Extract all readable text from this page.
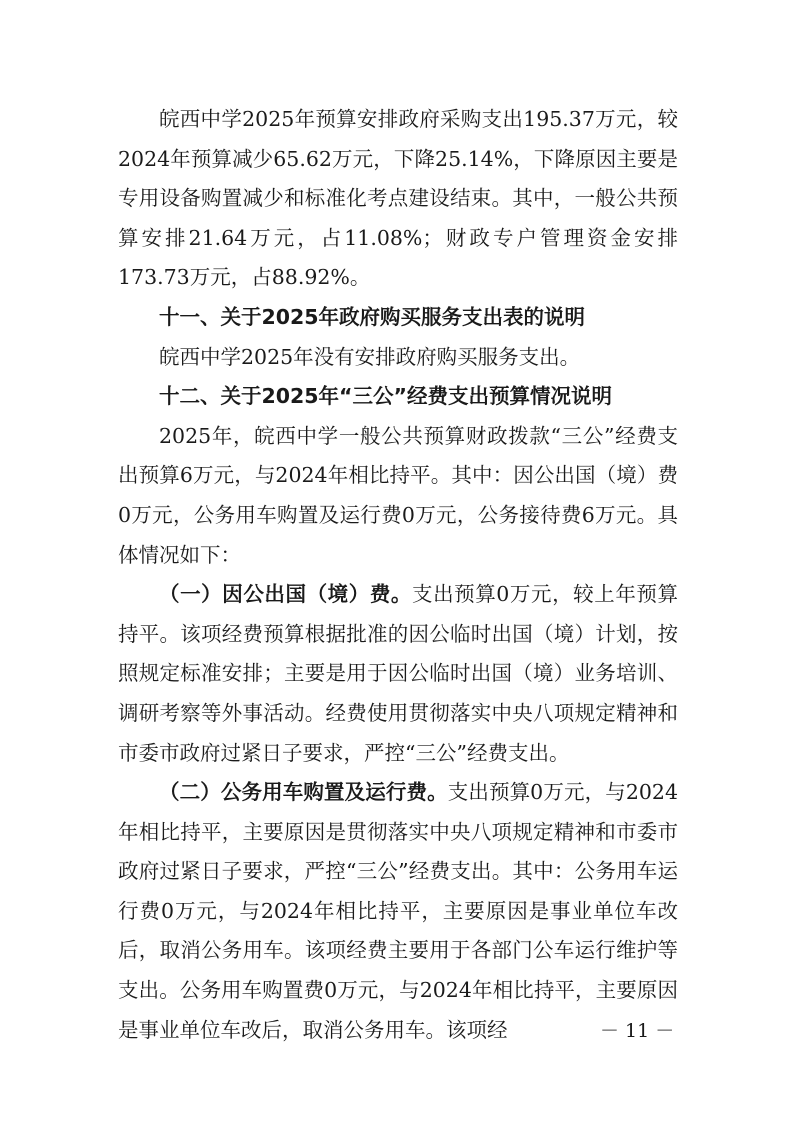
皖西中学2025年预算安排政府采购支出195.37万元，较2024年预算减少65.62万元，下降25.14%，下降原因主要是专用设备购置减少和标准化考点建设结束。其中，一般公共预算安排21.64万元，占11.08%；财政专户管理资金安排173.73万元，占88.92%。

十一、关于2025年政府购买服务支出表的说明

皖西中学2025年没有安排政府购买服务支出。

十二、关于2025年“三公”经费支出预算情况说明

2025年，皖西中学一般公共预算财政拨款“三公”经费支出预算6万元，与2024年相比持平。其中：因公出国（境）费0万元，公务用车购置及运行费0万元，公务接待费6万元。具体情况如下：

（一）因公出国（境）费。支出预算0万元，较上年预算持平。该项经费预算根据批准的因公临时出国（境）计划，按照规定标准安排；主要是用于因公临时出国（境）业务培训、调研考察等外事活动。经费使用贯彻落实中央八项规定精神和市委市政府过紧日子要求，严控“三公”经费支出。

（二）公务用车购置及运行费。支出预算0万元，与2024年相比持平，主要原因是贯彻落实中央八项规定精神和市委市政府过紧日子要求，严控“三公”经费支出。其中：公务用车运行费0万元，与2024年相比持平，主要原因是事业单位车改后，取消公务用车。该项经费主要用于各部门公车运行维护等支出。公务用车购置费0万元，与2024年相比持平，主要原因是事业单位车改后，取消公务用车。该项经	－ 11 －
